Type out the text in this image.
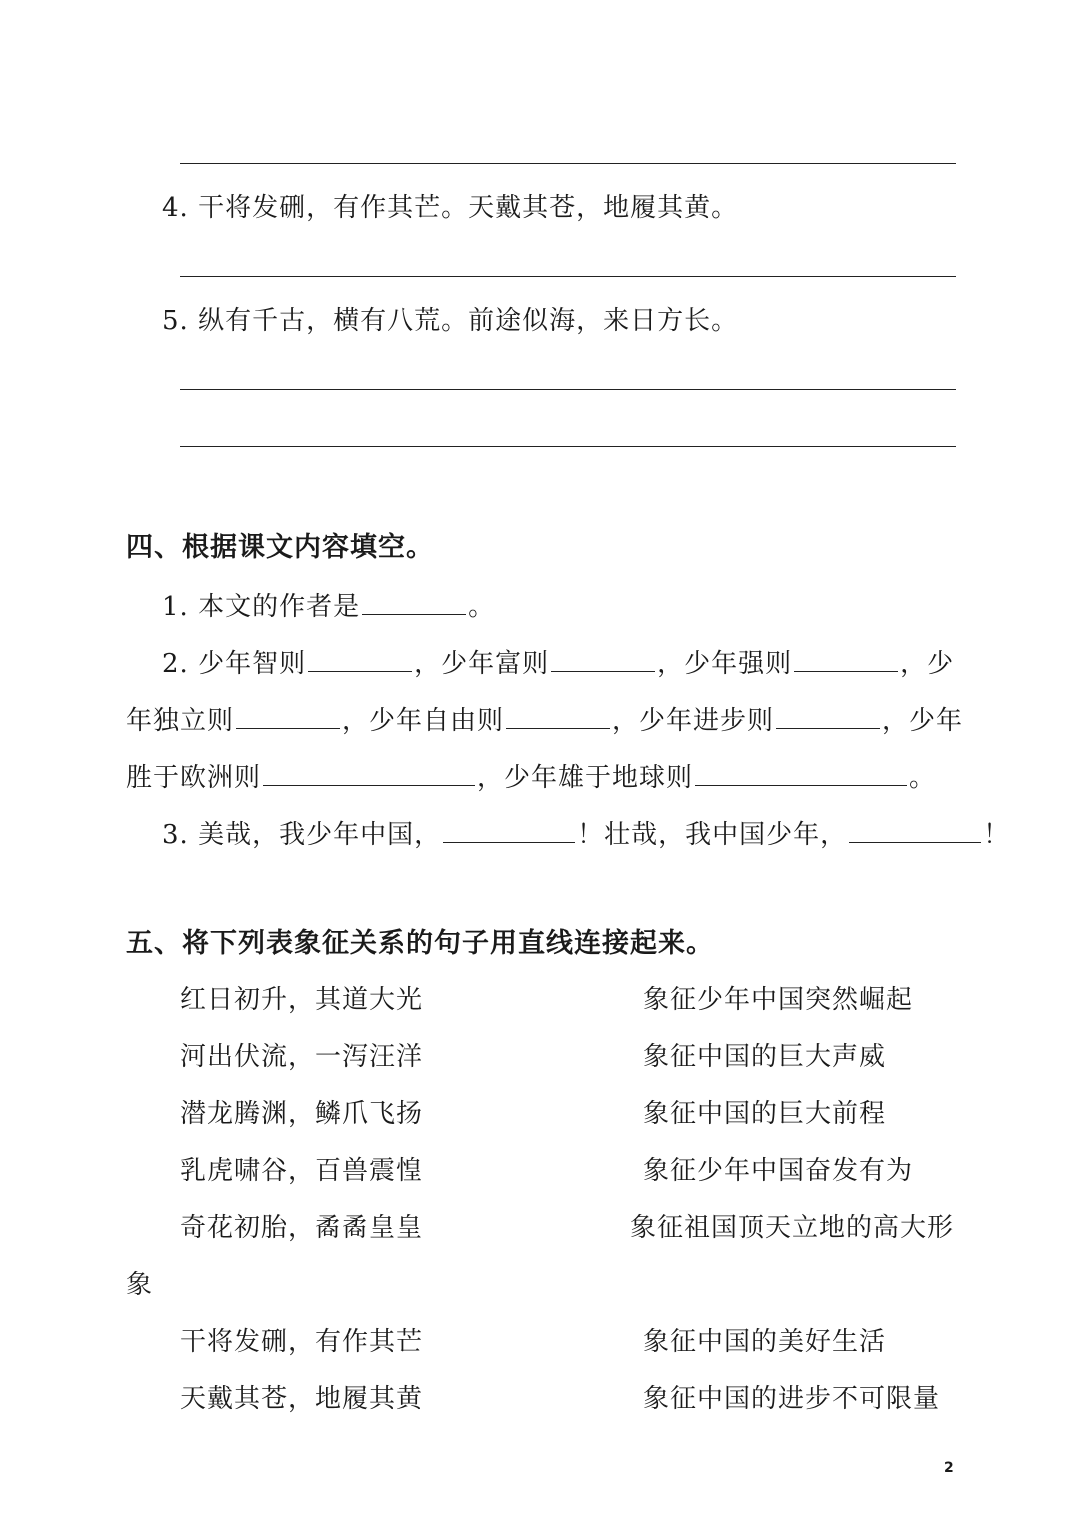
4. 干将发硎，有作其芒。天戴其苍，地履其黄。
5. 纵有千古，横有八荒。前途似海，来日方长。
四、根据课文内容填空。
1. 本文的作者是	。
2. 少年智则	，少年富则	，少年强则	，少
年独立则	，少年自由则	，少年进步则	，少年
胜于欧洲则	，少年雄于地球则	。
3. 美哉，我少年中国，	！壮哉，我中国少年，	！
五、将下列表象征关系的句子用直线连接起来。
红日初升，其道大光	象征少年中国突然崛起
河出伏流，一泻汪洋	象征中国的巨大声威
潜龙腾渊，鳞爪飞扬	象征中国的巨大前程
乳虎啸谷，百兽震惶	象征少年中国奋发有为
奇花初胎，矞矞皇皇	象征祖国顶天立地的高大形
象
干将发硎，有作其芒	象征中国的美好生活
天戴其苍，地履其黄	象征中国的进步不可限量
2
